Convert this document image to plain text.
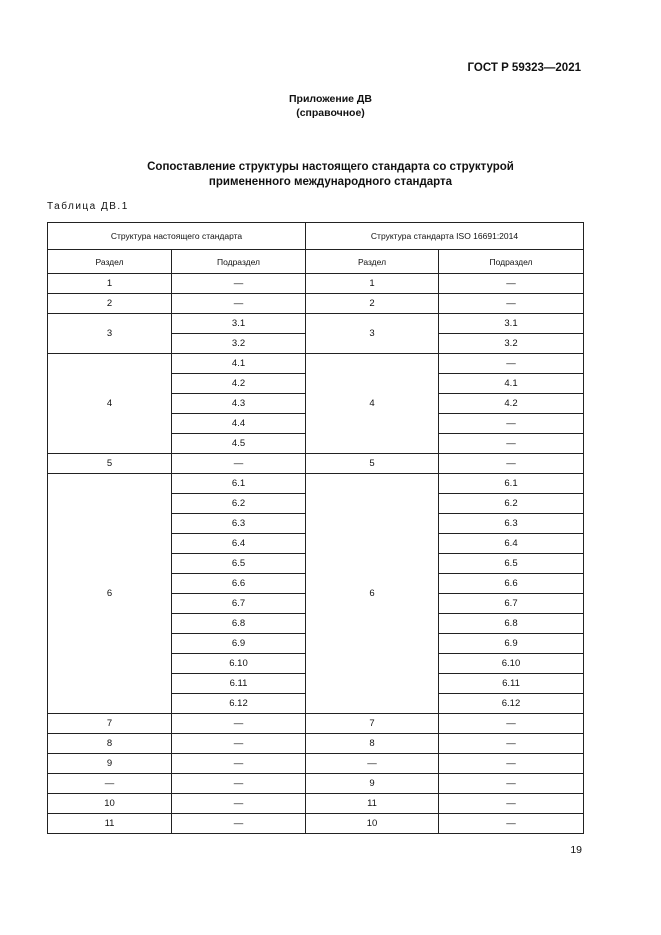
ГОСТ Р 59323—2021
Приложение ДВ
(справочное)
Сопоставление структуры настоящего стандарта со структурой
примененного международного стандарта
Таблица ДВ.1
Структура настоящего стандарта		Структура стандарта ISO 16691:2014	
Раздел	Подраздел	Раздел	Подраздел
1	—	1	—
2	—	2	—
3	3.1	3	3.1
	3.2		3.2
4	4.1	4	—
	4.2		4.1
	4.3		4.2
	4.4		—
	4.5		—
5	—	5	—
6	6.1	6	6.1
	6.2		6.2
	6.3		6.3
	6.4		6.4
	6.5		6.5
	6.6		6.6
	6.7		6.7
	6.8		6.8
	6.9		6.9
	6.10		6.10
	6.11		6.11
	6.12		6.12
7	—	7	—
8	—	8	—
9	—	—	—
—	—	9	—
10	—	11	—
11	—	10	—
19
